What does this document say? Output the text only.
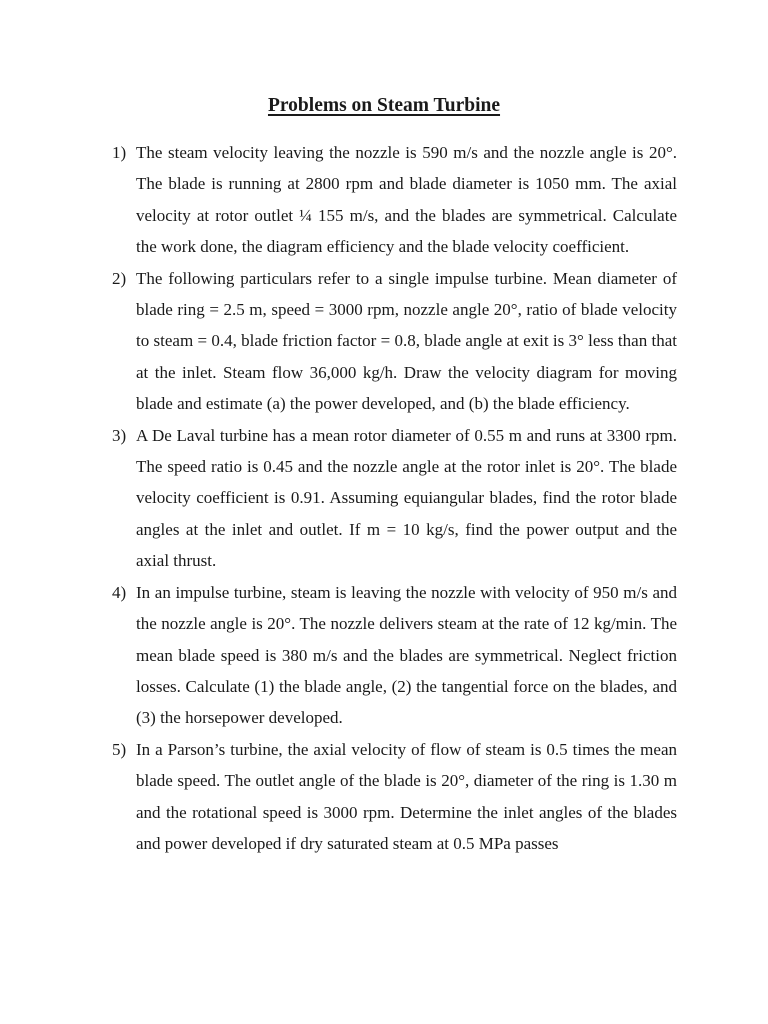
Problems on Steam Turbine
1) The steam velocity leaving the nozzle is 590 m/s and the nozzle angle is 20°. The blade is running at 2800 rpm and blade diameter is 1050 mm. The axial velocity at rotor outlet ¼ 155 m/s, and the blades are symmetrical. Calculate the work done, the diagram efficiency and the blade velocity coefficient.
2) The following particulars refer to a single impulse turbine. Mean diameter of blade ring = 2.5 m, speed = 3000 rpm, nozzle angle 20°, ratio of blade velocity to steam = 0.4, blade friction factor = 0.8, blade angle at exit is 3° less than that at the inlet. Steam flow 36,000 kg/h. Draw the velocity diagram for moving blade and estimate (a) the power developed, and (b) the blade efficiency.
3) A De Laval turbine has a mean rotor diameter of 0.55 m and runs at 3300 rpm. The speed ratio is 0.45 and the nozzle angle at the rotor inlet is 20°. The blade velocity coefficient is 0.91. Assuming equiangular blades, find the rotor blade angles at the inlet and outlet. If m = 10 kg/s, find the power output and the axial thrust.
4) In an impulse turbine, steam is leaving the nozzle with velocity of 950 m/s and the nozzle angle is 20°. The nozzle delivers steam at the rate of 12 kg/min. The mean blade speed is 380 m/s and the blades are symmetrical. Neglect friction losses. Calculate (1) the blade angle, (2) the tangential force on the blades, and (3) the horsepower developed.
5) In a Parson’s turbine, the axial velocity of flow of steam is 0.5 times the mean blade speed. The outlet angle of the blade is 20°, diameter of the ring is 1.30 m and the rotational speed is 3000 rpm. Determine the inlet angles of the blades and power developed if dry saturated steam at 0.5 MPa passes
